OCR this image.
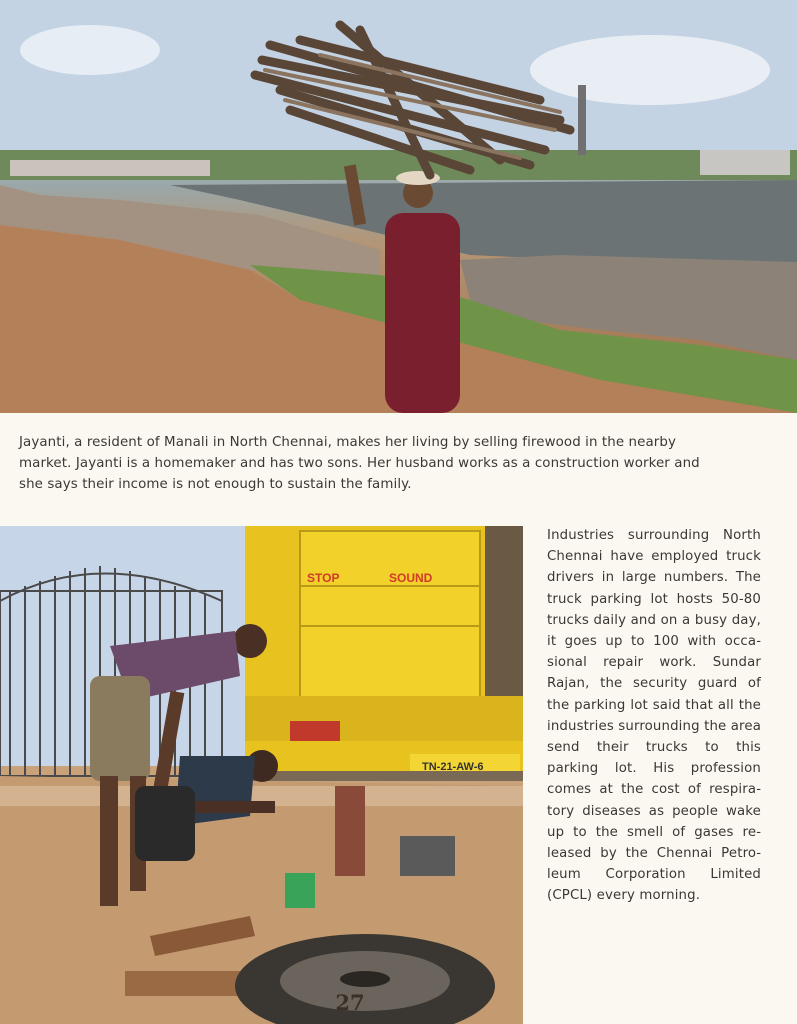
Jayanti, a resident of Manali in North Chennai, makes her living by selling firewood in the nearby market. Jayanti is a homemaker and has two sons. Her husband works as a construction worker and she says their income is not enough to sustain the family.
STOP	SOUND
TN-21-AW-6
27
Industries surrounding North Chennai have employed truck drivers in large numbers. The truck parking lot hosts 50-80 trucks daily and on a busy day, it goes up to 100 with occasional repair work. Sundar Rajan, the security guard of the parking lot said that all the industries surrounding the area send their trucks to this parking lot. His profession comes at the cost of respiratory diseases as people wake up to the smell of gases released by the Chennai Petroleum Corporation Limited (CPCL) every morning.
